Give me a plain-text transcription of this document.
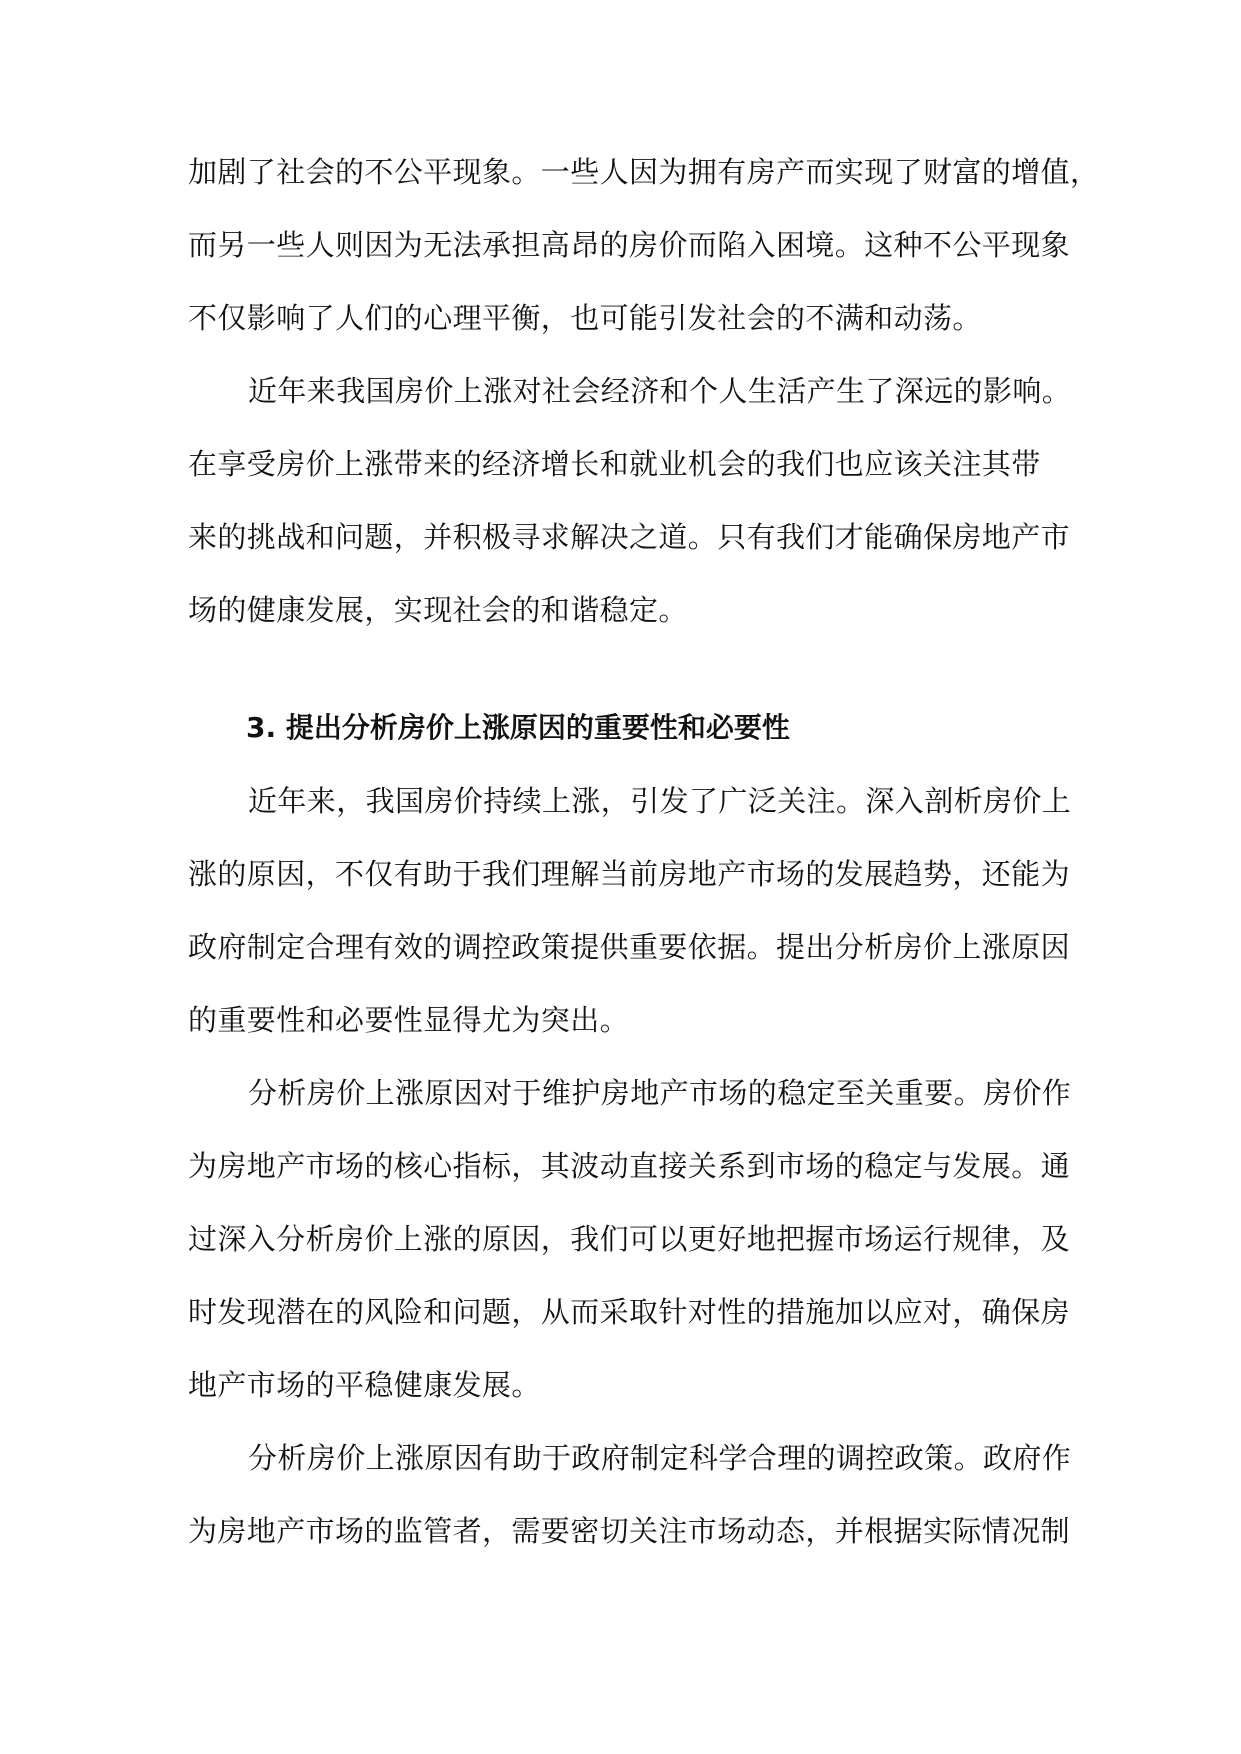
加剧了社会的不公平现象。一些人因为拥有房产而实现了财富的增值，
而另一些人则因为无法承担高昂的房价而陷入困境。这种不公平现象
不仅影响了人们的心理平衡，也可能引发社会的不满和动荡。
近年来我国房价上涨对社会经济和个人生活产生了深远的影响。
在享受房价上涨带来的经济增长和就业机会的我们也应该关注其带
来的挑战和问题，并积极寻求解决之道。只有我们才能确保房地产市
场的健康发展，实现社会的和谐稳定。
3. 提出分析房价上涨原因的重要性和必要性
近年来，我国房价持续上涨，引发了广泛关注。深入剖析房价上
涨的原因，不仅有助于我们理解当前房地产市场的发展趋势，还能为
政府制定合理有效的调控政策提供重要依据。提出分析房价上涨原因
的重要性和必要性显得尤为突出。
分析房价上涨原因对于维护房地产市场的稳定至关重要。房价作
为房地产市场的核心指标，其波动直接关系到市场的稳定与发展。通
过深入分析房价上涨的原因，我们可以更好地把握市场运行规律，及
时发现潜在的风险和问题，从而采取针对性的措施加以应对，确保房
地产市场的平稳健康发展。
分析房价上涨原因有助于政府制定科学合理的调控政策。政府作
为房地产市场的监管者，需要密切关注市场动态，并根据实际情况制
